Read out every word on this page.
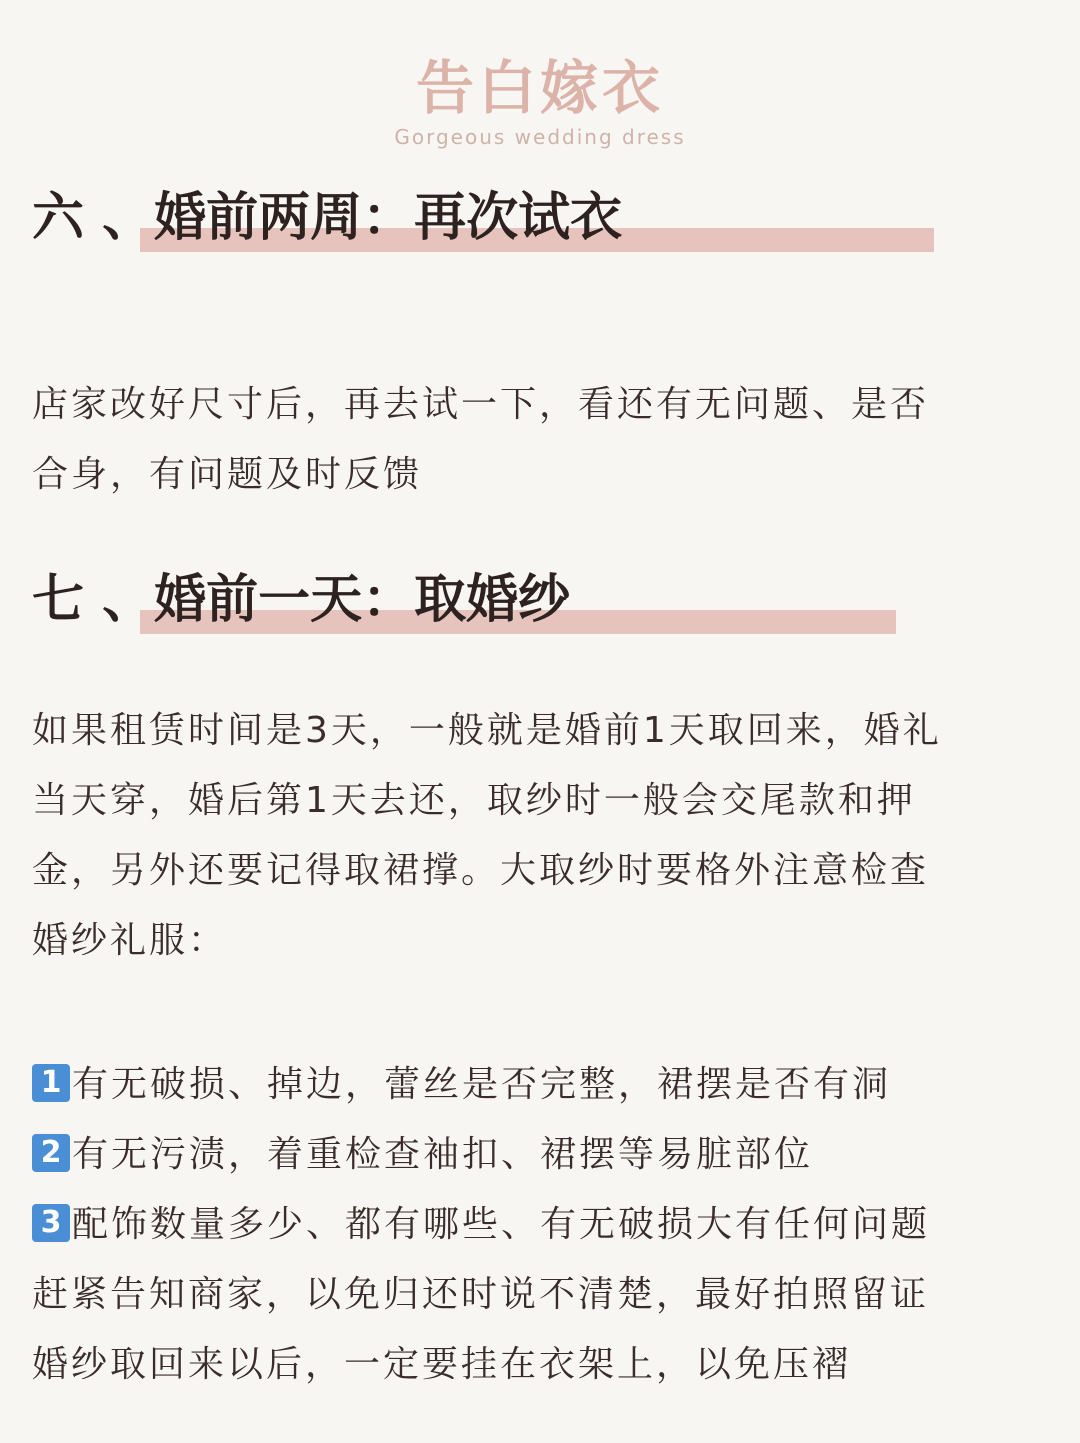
告白嫁衣
Gorgeous wedding dress
六 、婚前两周：再次试衣
店家改好尺寸后，再去试一下，看还有无问题、是否
合身，有问题及时反馈
七 、婚前一天：取婚纱
如果租赁时间是3天，一般就是婚前1天取回来，婚礼
当天穿，婚后第1天去还，取纱时一般会交尾款和押
金，另外还要记得取裙撑。大取纱时要格外注意检查
婚纱礼服：
1 有无破损、掉边，蕾丝是否完整，裙摆是否有洞
2 有无污渍，着重检查袖扣、裙摆等易脏部位
3 配饰数量多少、都有哪些、有无破损大有任何问题
赶紧告知商家，以免归还时说不清楚，最好拍照留证
婚纱取回来以后，一定要挂在衣架上，以免压褶
